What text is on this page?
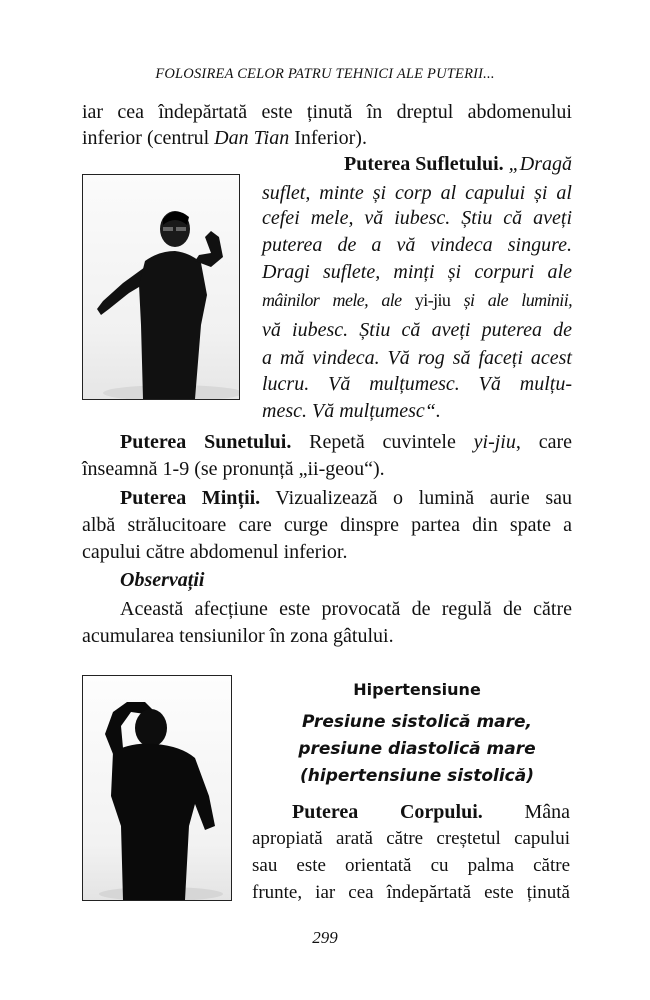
FOLOSIREA CELOR PATRU TEHNICI ALE PUTERII...
iar cea îndepărtată este ținută în dreptul abdomenului
inferior (centrul Dan Tian Inferior).
Puterea Sufletului. „Dragă
suflet, minte și corp al capului și al
cefei mele, vă iubesc. Știu că aveți
puterea de a vă vindeca singure.
Dragi suflete, minți și corpuri ale
mâinilor mele, ale yi-jiu și ale luminii,
vă iubesc. Știu că aveți puterea de
a mă vindeca. Vă rog să faceți acest
lucru. Vă mulțumesc. Vă mulțu-
mesc. Vă mulțumesc“.
Puterea Sunetului. Repetă cuvintele yi-jiu, care
înseamnă 1-9 (se pronunță „ii-geou“).
Puterea Minții. Vizualizează o lumină aurie sau
albă strălucitoare care curge dinspre partea din spate a
capului către abdomenul inferior.
Observații
Această afecțiune este provocată de regulă de către
acumularea tensiunilor în zona gâtului.
Hipertensiune
Presiune sistolică mare,
presiune diastolică mare
(hipertensiune sistolică)
Puterea Corpului. Mâna
apropiată arată către creștetul capului
sau este orientată cu palma către
frunte, iar cea îndepărtată este ținută
299
